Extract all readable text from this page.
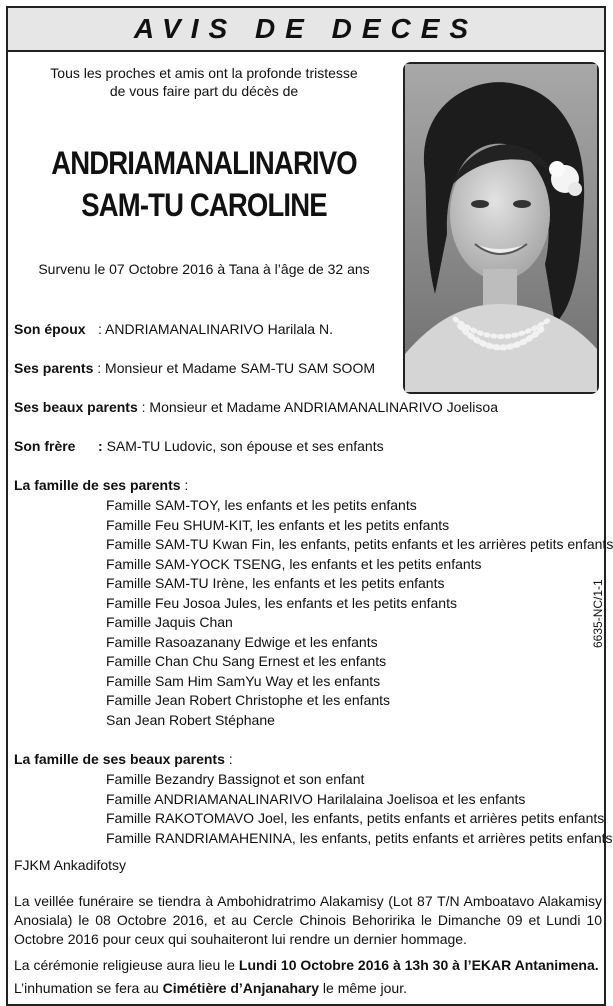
AVIS DE DECES
Tous les proches et amis ont la profonde tristesse
de vous faire part du décès de
ANDRIAMANALINARIVO
SAM-TU CAROLINE
Survenu le 07 Octobre 2016 à Tana à l’âge de 32 ans
Son époux : ANDRIAMANALINARIVO Harilala N.
Ses parents : Monsieur et Madame SAM-TU SAM SOOM
Ses beaux parents : Monsieur et Madame ANDRIAMANALINARIVO Joelisoa
Son frère : SAM-TU Ludovic, son épouse et ses enfants
La famille de ses parents :
Famille SAM-TOY, les enfants et les petits enfants
Famille Feu SHUM-KIT, les enfants et les petits enfants
Famille SAM-TU Kwan Fin, les enfants, petits enfants et les arrières petits enfants
Famille SAM-YOCK TSENG, les enfants et les petits enfants
Famille SAM-TU Irène, les enfants et les petits enfants
Famille Feu Josoa Jules, les enfants et les petits enfants
Famille Jaquis Chan
Famille Rasoazanany Edwige et les enfants
Famille Chan Chu Sang Ernest et les enfants
Famille Sam Him SamYu Way et les enfants
Famille Jean Robert Christophe et les enfants
San Jean Robert Stéphane
La famille de ses beaux parents :
Famille Bezandry Bassignot et son enfant
Famille ANDRIAMANALINARIVO Harilalaina Joelisoa et les enfants
Famille RAKOTOMAVO Joel, les enfants, petits enfants et arrières petits enfants
Famille RANDRIAMAHENINA, les enfants, petits enfants et arrières petits enfants
FJKM Ankadifotsy
La veillée funéraire se tiendra à Ambohidratrimo Alakamisy (Lot 87 T/N Amboatavo Alakamisy Anosiala) le 08 Octobre 2016, et au Cercle Chinois Behoririka le Dimanche 09 et Lundi 10 Octobre 2016 pour ceux qui souhaiteront lui rendre un dernier hommage.
La cérémonie religieuse aura lieu le Lundi 10 Octobre 2016 à 13h 30 à l’EKAR Antanimena.
L’inhumation se fera au Cimétière d’Anjanahary le même jour.
6635-NC/1-1
